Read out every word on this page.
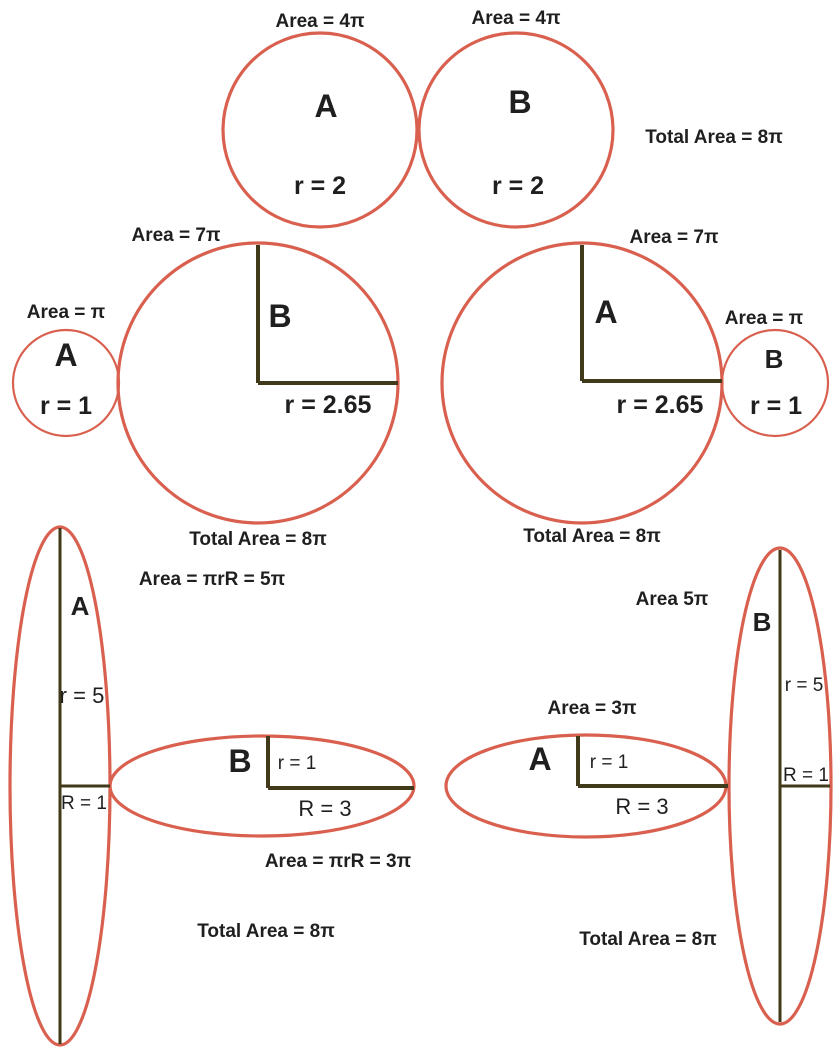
Area = 4π	Area = 4π
A	B
r = 2	r = 2
Total Area = 8π
Area = π
A
r = 1
Area = 7π
B
r = 2.65
Total Area = 8π
Area = 7π
A
r = 2.65
Area = π
B
r = 1
Total Area = 8π
Area = πrR = 5π
A
r = 5
R = 1
B r = 1
R = 3
Area = πrR = 3π
Total Area = 8π
Area = 3π
A r = 1
R = 3
Area 5π
B
r = 5
R = 1
Total Area = 8π
